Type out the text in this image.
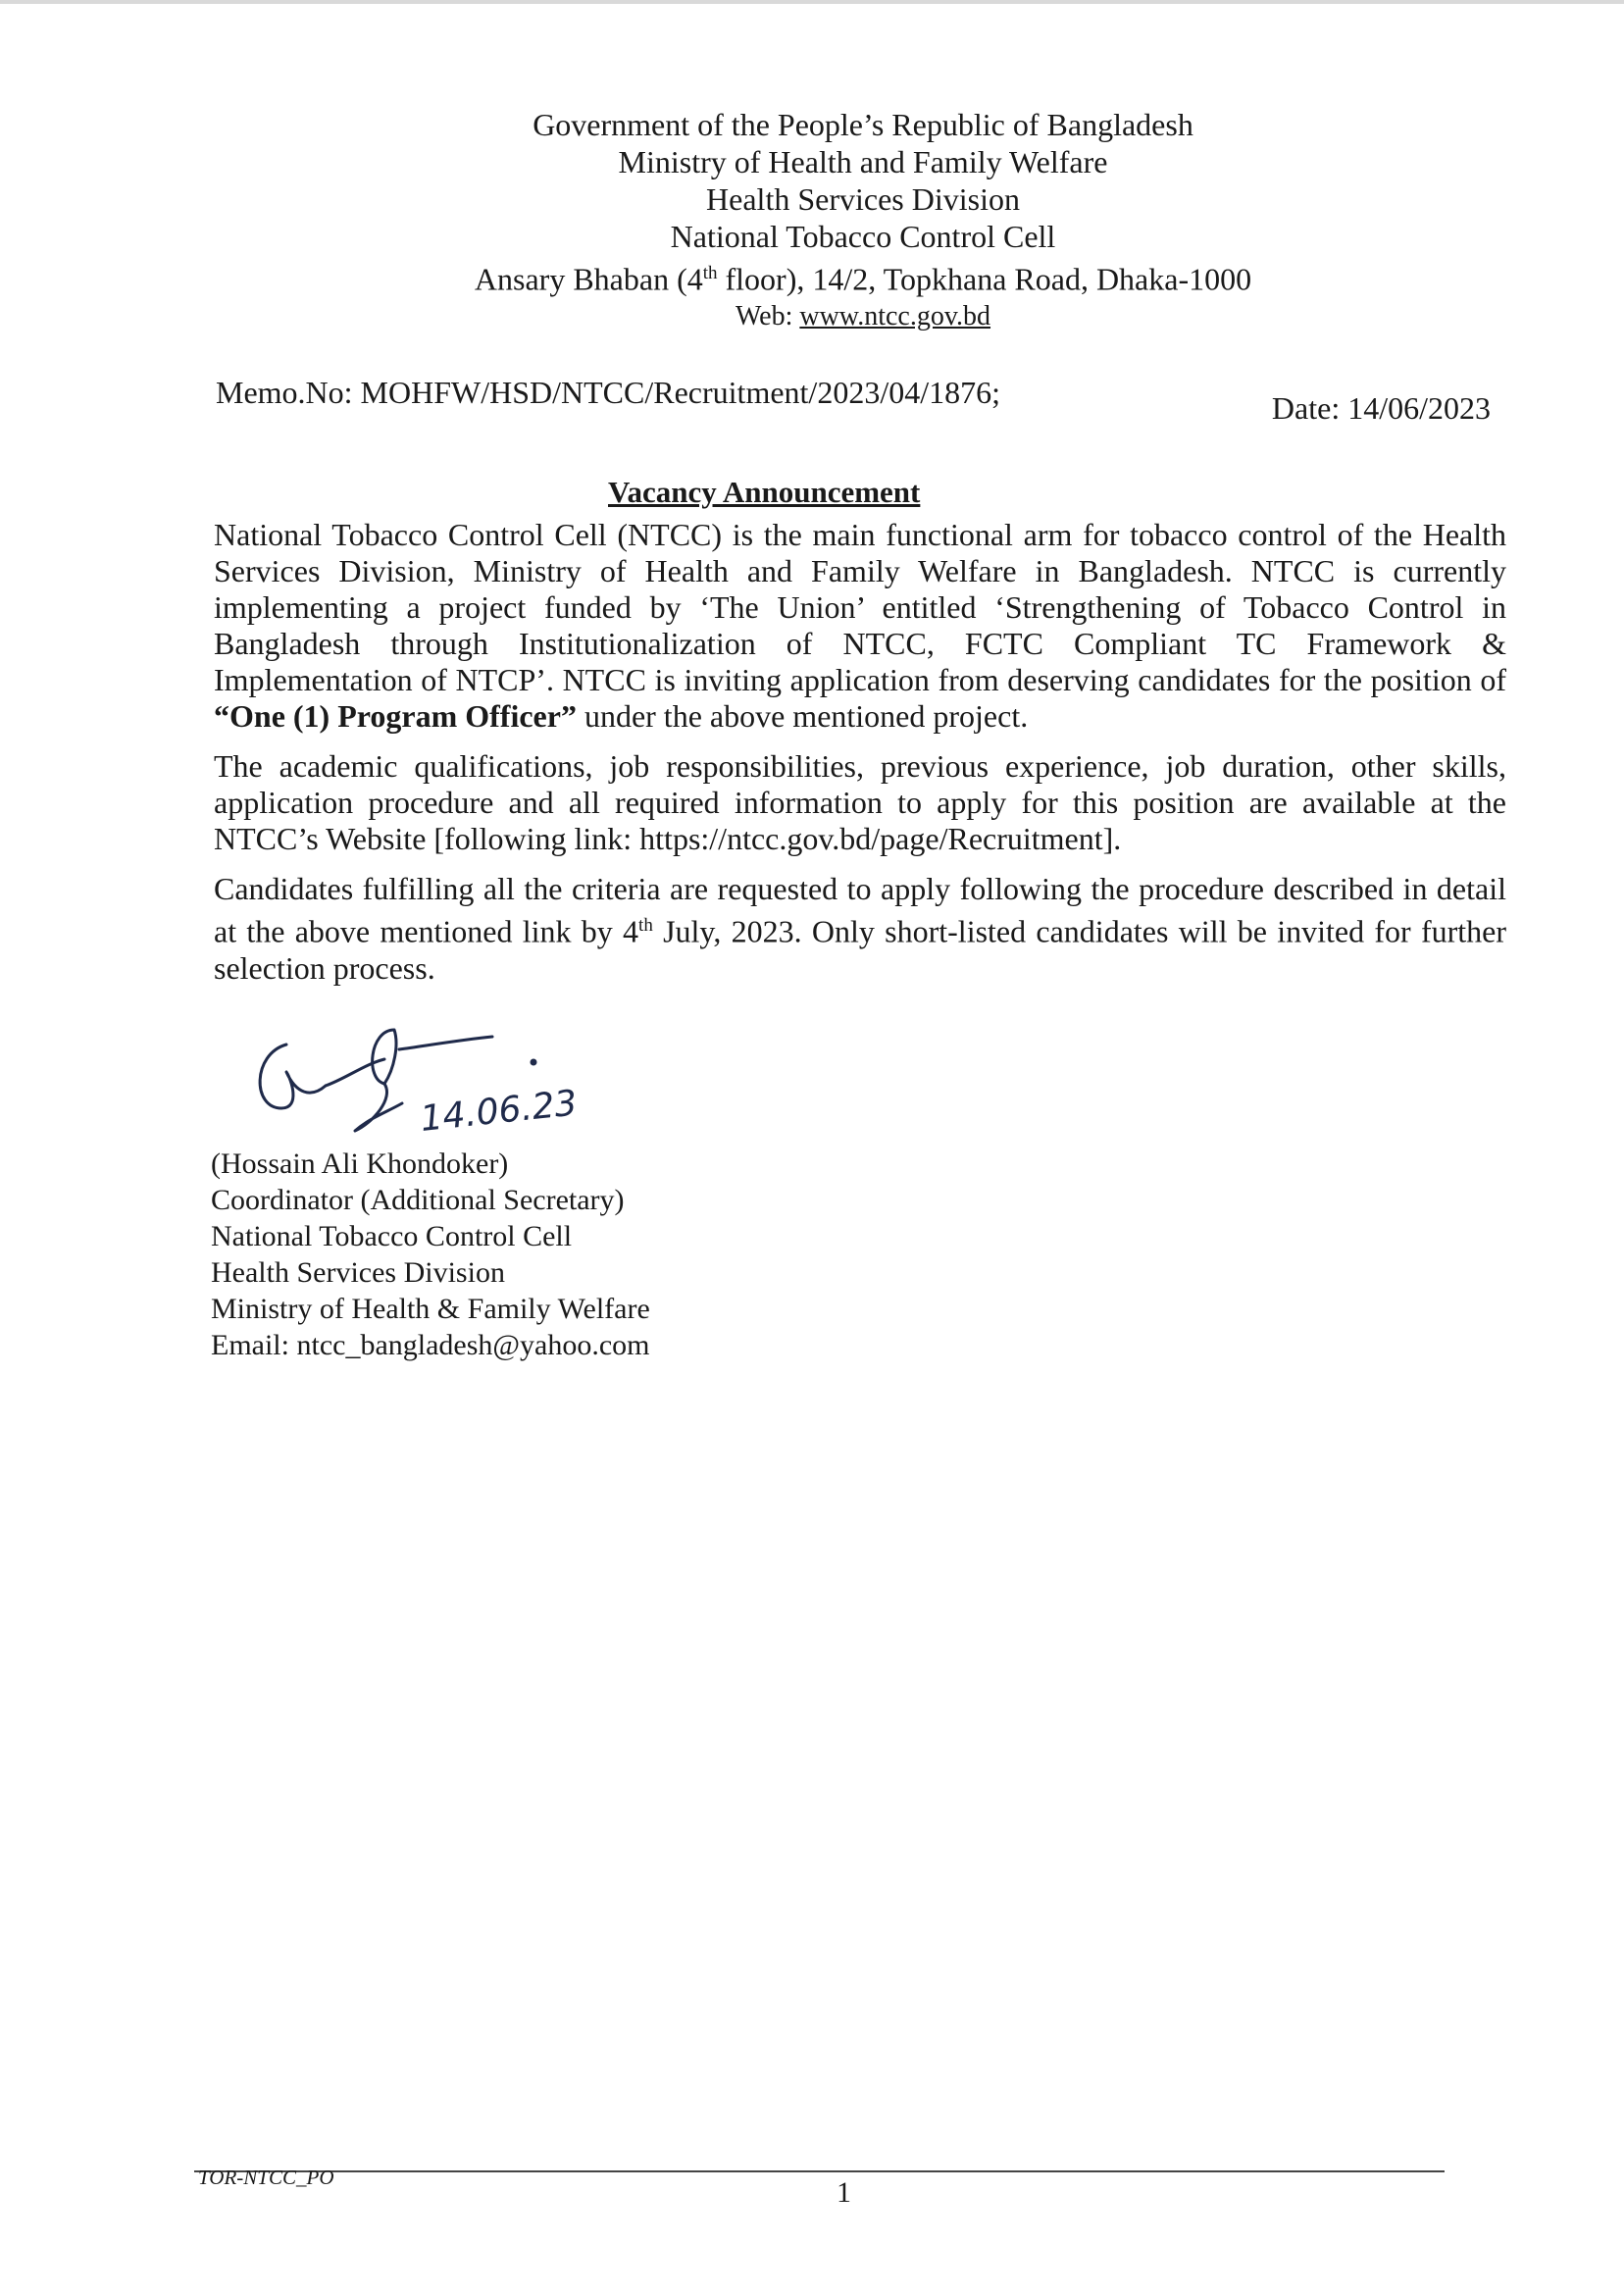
Government of the People’s Republic of Bangladesh
Ministry of Health and Family Welfare
Health Services Division
National Tobacco Control Cell
Ansary Bhaban (4th floor), 14/2, Topkhana Road, Dhaka-1000
Web: www.ntcc.gov.bd
Memo.No: MOHFW/HSD/NTCC/Recruitment/2023/04/1876;	Date: 14/06/2023
Vacancy Announcement

National Tobacco Control Cell (NTCC) is the main functional arm for tobacco control of the Health Services Division, Ministry of Health and Family Welfare in Bangladesh. NTCC is currently implementing a project funded by ‘The Union’ entitled ‘Strengthening of Tobacco Control in Bangladesh through Institutionalization of NTCC, FCTC Compliant TC Framework & Implementation of NTCP’. NTCC is inviting application from deserving candidates for the position of “One (1) Program Officer” under the above mentioned project.

The academic qualifications, job responsibilities, previous experience, job duration, other skills, application procedure and all required information to apply for this position are available at the NTCC’s Website [following link: https://ntcc.gov.bd/page/Recruitment].

Candidates fulfilling all the criteria are requested to apply following the procedure described in detail at the above mentioned link by 4th July, 2023. Only short-listed candidates will be invited for further selection process.

14.06.23
(Hossain Ali Khondoker)
Coordinator (Additional Secretary)
National Tobacco Control Cell
Health Services Division
Ministry of Health & Family Welfare
Email: ntcc_bangladesh@yahoo.com
TOR-NTCC_PO	1
